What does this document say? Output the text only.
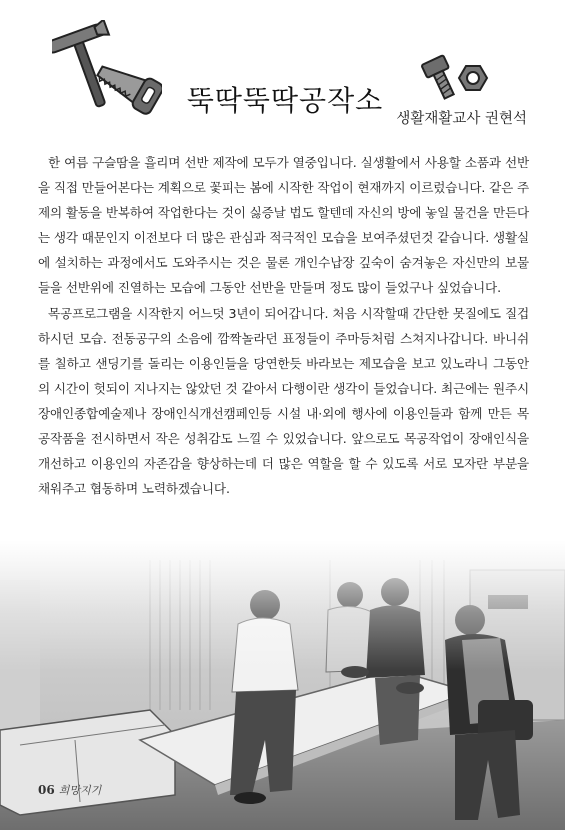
뚝딱뚝딱공작소
생활재활교사 권현석

한 여름 구슬땀을 흘리며 선반 제작에 모두가 열중입니다. 실생활에서 사용할 소품과 선반을 직접 만들어본다는 계획으로 꽃피는 봄에 시작한 작업이 현재까지 이르렀습니다. 같은 주제의 활동을 반복하여 작업한다는 것이 싫증날 법도 할텐데 자신의 방에 놓일 물건을 만든다는 생각 때문인지 이전보다 더 많은 관심과 적극적인 모습을 보여주셨던것 같습니다. 생활실에 설치하는 과정에서도 도와주시는 것은 물론 개인수납장 깊숙이 숨겨놓은 자신만의 보물들을 선반위에 진열하는 모습에 그동안 선반을 만들며 정도 많이 들었구나 싶었습니다.

목공프로그램을 시작한지 어느덧 3년이 되어갑니다. 처음 시작할때 간단한 못질에도 질겁하시던 모습. 전동공구의 소음에 깜짝놀라던 표정들이 주마등처럼 스쳐지나갑니다. 바니쉬를 칠하고 샌딩기를 돌리는 이용인들을 당연한듯 바라보는 제모습을 보고 있노라니 그동안의 시간이 헛되이 지나지는 않았던 것 같아서 다행이란 생각이 들었습니다. 최근에는 원주시장애인종합예술제나 장애인식개선캠페인등 시설 내·외에 행사에 이용인들과 함께 만든 목공작품을 전시하면서 작은 성취감도 느낄 수 있었습니다. 앞으로도 목공작업이 장애인식을 개선하고 이용인의 자존감을 향상하는데 더 많은 역할을 할 수 있도록 서로 모자란 부분을 채워주고 협동하며 노력하겠습니다.

06 희망지기
